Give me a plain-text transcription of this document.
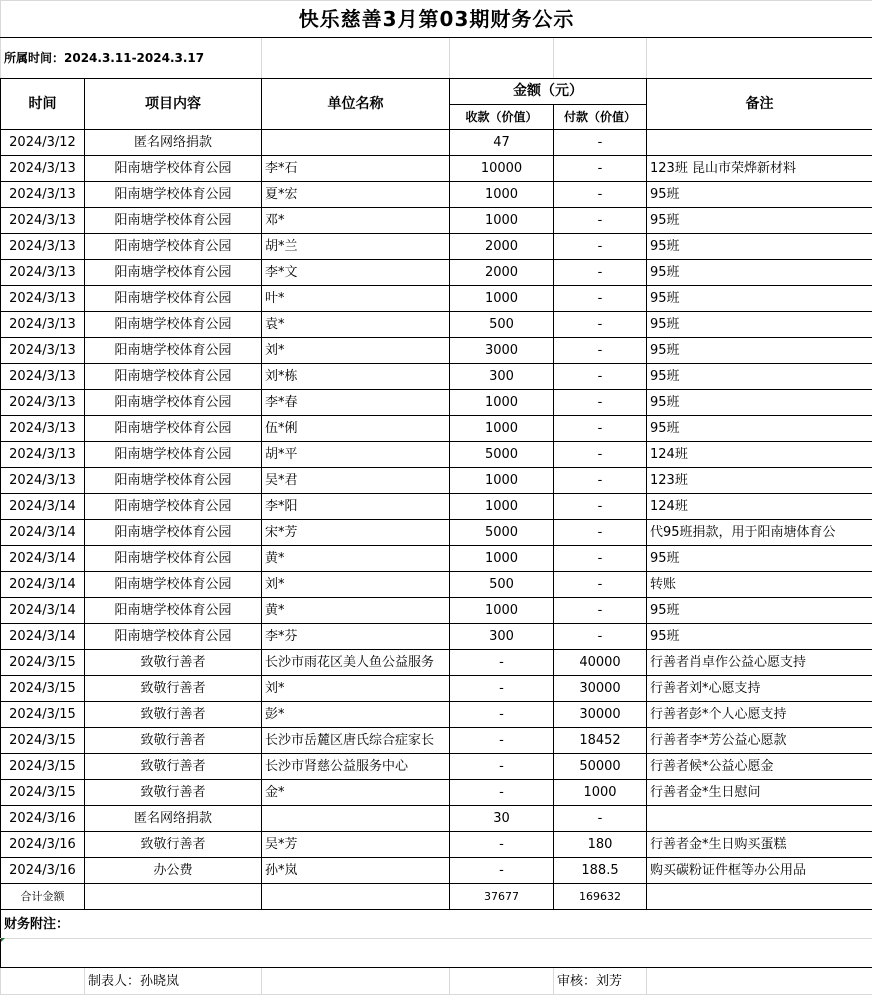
快乐慈善3月第03期财务公示					
所属时间：2024.3.11-2024.3.17					
时间	项目内容	单位名称	金额（元）		备注
			收款（价值）	付款（价值）	
2024/3/12	匿名网络捐款		47	-	
2024/3/13	阳南塘学校体育公园	李*石	10000	-	123班 昆山市荣烨新材料
2024/3/13	阳南塘学校体育公园	夏*宏	1000	-	95班
2024/3/13	阳南塘学校体育公园	邓*	1000	-	95班
2024/3/13	阳南塘学校体育公园	胡*兰	2000	-	95班
2024/3/13	阳南塘学校体育公园	李*文	2000	-	95班
2024/3/13	阳南塘学校体育公园	叶*	1000	-	95班
2024/3/13	阳南塘学校体育公园	袁*	500	-	95班
2024/3/13	阳南塘学校体育公园	刘*	3000	-	95班
2024/3/13	阳南塘学校体育公园	刘*栋	300	-	95班
2024/3/13	阳南塘学校体育公园	李*春	1000	-	95班
2024/3/13	阳南塘学校体育公园	伍*俐	1000	-	95班
2024/3/13	阳南塘学校体育公园	胡*平	5000	-	124班
2024/3/13	阳南塘学校体育公园	吴*君	1000	-	123班
2024/3/14	阳南塘学校体育公园	李*阳	1000	-	124班
2024/3/14	阳南塘学校体育公园	宋*芳	5000	-	代95班捐款，用于阳南塘体育公
2024/3/14	阳南塘学校体育公园	黄*	1000	-	95班
2024/3/14	阳南塘学校体育公园	刘*	500	-	转账
2024/3/14	阳南塘学校体育公园	黄*	1000	-	95班
2024/3/14	阳南塘学校体育公园	李*芬	300	-	95班
2024/3/15	致敬行善者	长沙市雨花区美人鱼公益服务	-	40000	行善者肖卓作公益心愿支持
2024/3/15	致敬行善者	刘*	-	30000	行善者刘*心愿支持
2024/3/15	致敬行善者	彭*	-	30000	行善者彭*个人心愿支持
2024/3/15	致敬行善者	长沙市岳麓区唐氏综合症家长	-	18452	行善者李*芳公益心愿款
2024/3/15	致敬行善者	长沙市肾慈公益服务中心	-	50000	行善者候*公益心愿金
2024/3/15	致敬行善者	金*	-	1000	行善者金*生日慰问
2024/3/16	匿名网络捐款		30	-	
2024/3/16	致敬行善者	吴*芳	-	180	行善者金*生日购买蛋糕
2024/3/16	办公费	孙*岚	-	188.5	购买碳粉证件框等办公用品
合计金额			37677	169632	
财务附注：					

	制表人：孙晓岚			审核：刘芳	
